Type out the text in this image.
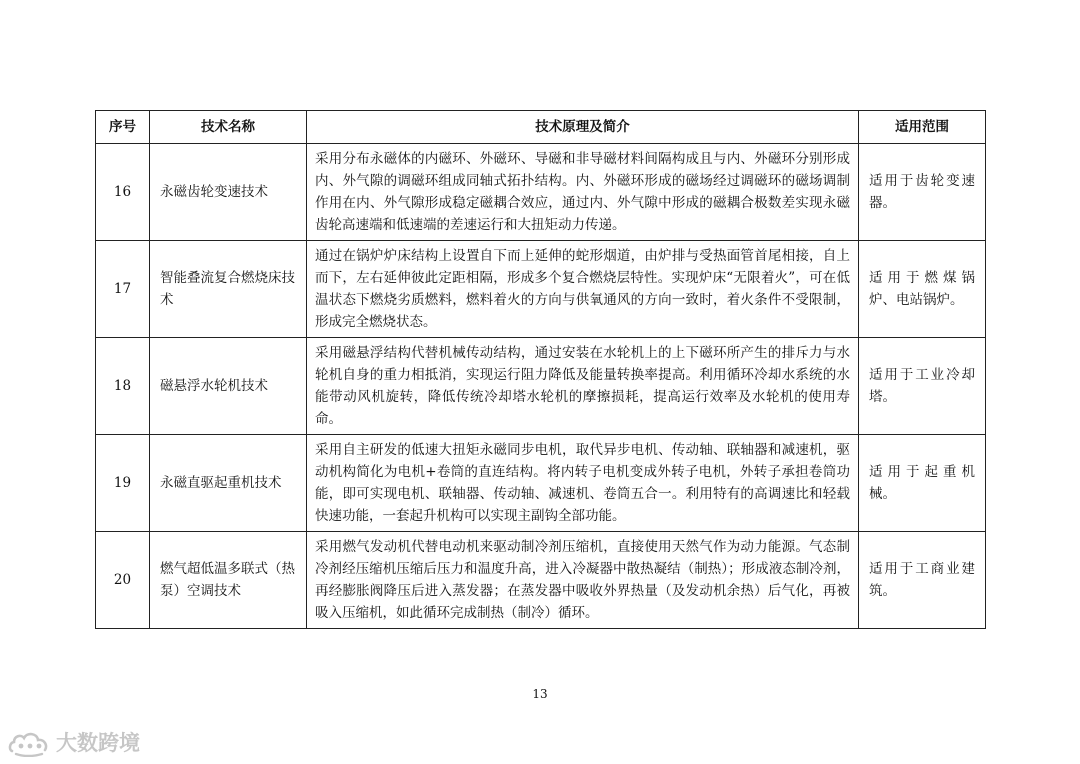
序号	技术名称	技术原理及简介	适用范围
16	永磁齿轮变速技术	采用分布永磁体的内磁环、外磁环、导磁和非导磁材料间隔构成且与内、外磁环分别形成内、外气隙的调磁环组成同轴式拓扑结构。内、外磁环形成的磁场经过调磁环的磁场调制作用在内、外气隙形成稳定磁耦合效应，通过内、外气隙中形成的磁耦合极数差实现永磁齿轮高速端和低速端的差速运行和大扭矩动力传递。	适用于齿轮变速器。
17	智能叠流复合燃烧床技术	通过在锅炉炉床结构上设置自下而上延伸的蛇形烟道，由炉排与受热面管首尾相接，自上而下，左右延伸彼此定距相隔，形成多个复合燃烧层特性。实现炉床“无限着火”，可在低温状态下燃烧劣质燃料，燃料着火的方向与供氧通风的方向一致时，着火条件不受限制，形成完全燃烧状态。	适用于燃煤锅炉、电站锅炉。
18	磁悬浮水轮机技术	采用磁悬浮结构代替机械传动结构，通过安装在水轮机上的上下磁环所产生的排斥力与水轮机自身的重力相抵消，实现运行阻力降低及能量转换率提高。利用循环冷却水系统的水能带动风机旋转，降低传统冷却塔水轮机的摩擦损耗，提高运行效率及水轮机的使用寿命。	适用于工业冷却塔。
19	永磁直驱起重机技术	采用自主研发的低速大扭矩永磁同步电机，取代异步电机、传动轴、联轴器和减速机，驱动机构简化为电机+卷筒的直连结构。将内转子电机变成外转子电机，外转子承担卷筒功能，即可实现电机、联轴器、传动轴、减速机、卷筒五合一。利用特有的高调速比和轻载快速功能，一套起升机构可以实现主副钩全部功能。	适用于起重机械。
20	燃气超低温多联式（热泵）空调技术	采用燃气发动机代替电动机来驱动制冷剂压缩机，直接使用天然气作为动力能源。气态制冷剂经压缩机压缩后压力和温度升高，进入冷凝器中散热凝结（制热）；形成液态制冷剂，再经膨胀阀降压后进入蒸发器；在蒸发器中吸收外界热量（及发动机余热）后气化，再被吸入压缩机，如此循环完成制热（制冷）循环。	适用于工商业建筑。
13
大数跨境
